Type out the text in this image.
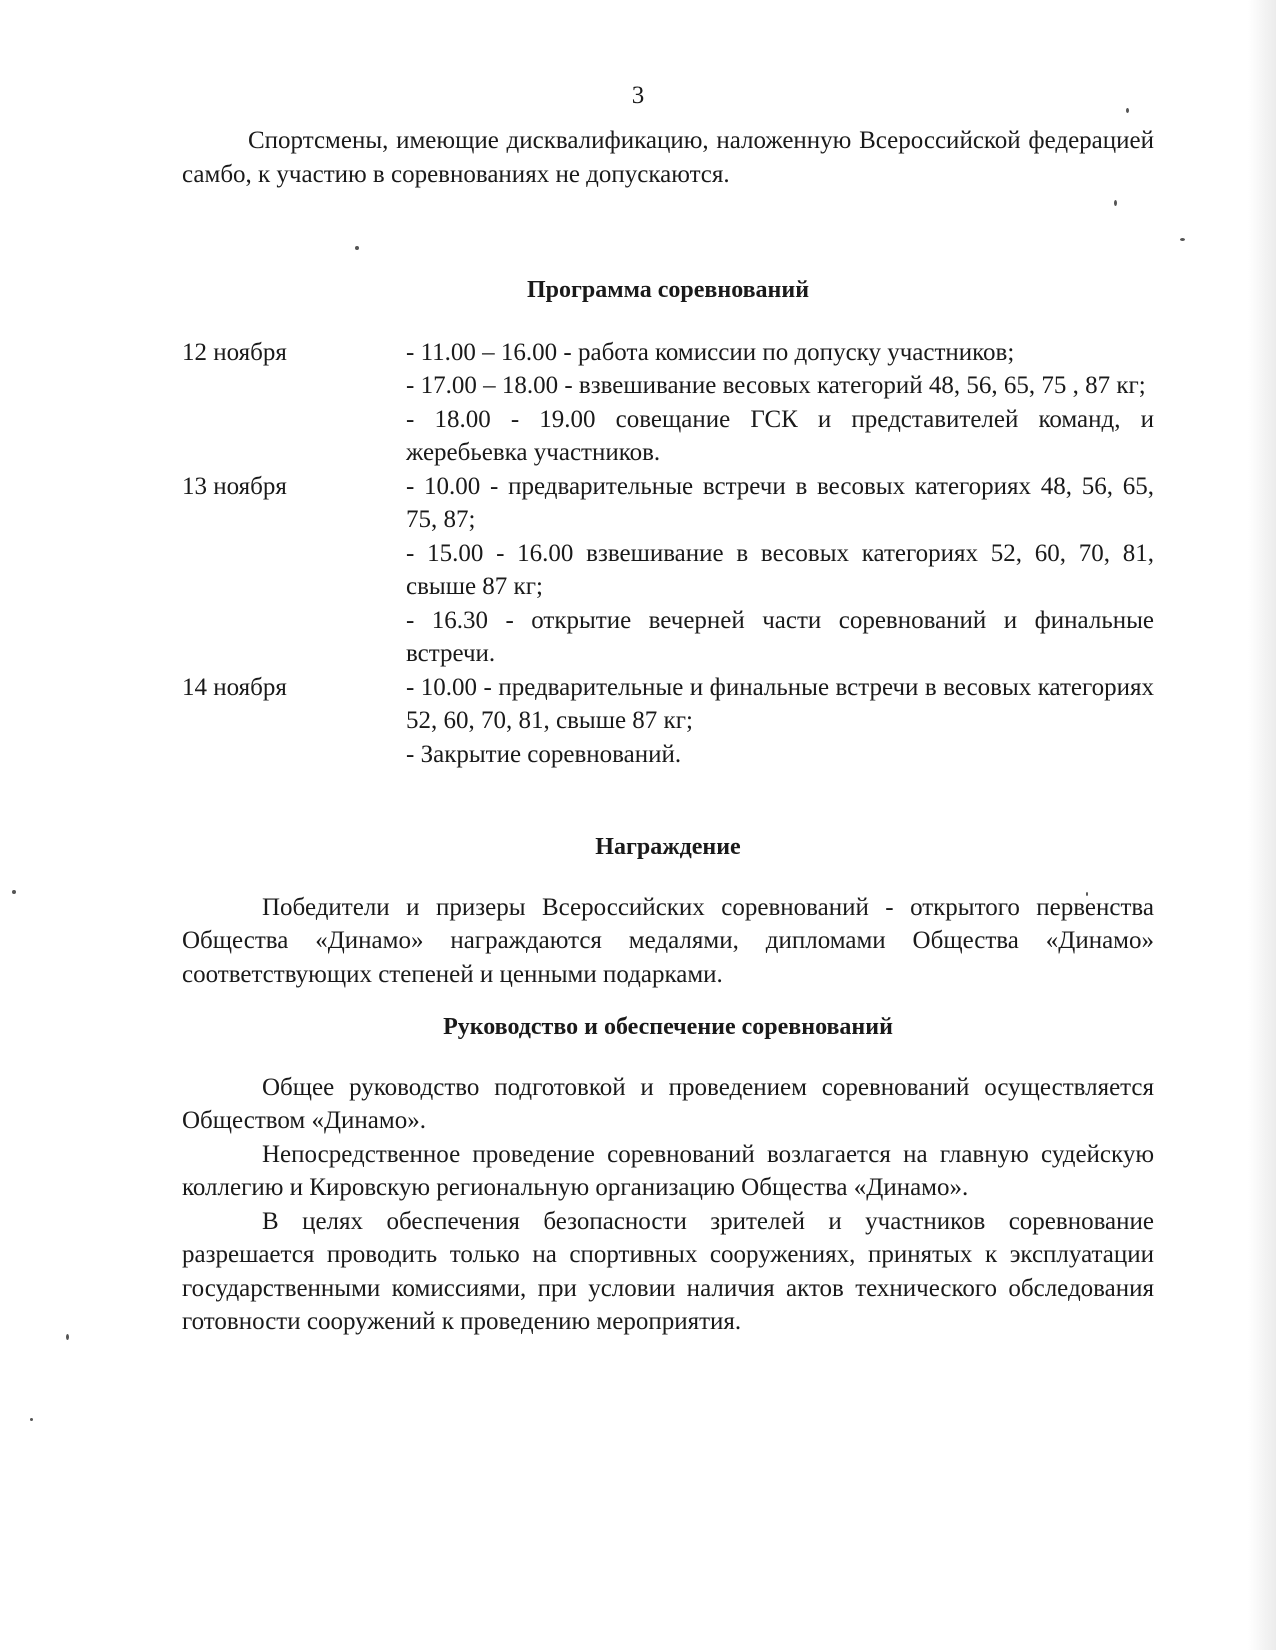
3

Спортсмены, имеющие дисквалификацию, наложенную Всероссийской федерацией самбо, к участию в соревнованиях не допускаются.

Программа соревнований
12 ноября	- 11.00 – 16.00 - работа комиссии по допуску участников;

- 17.00 – 18.00 - взвешивание весовых категорий 48, 56, 65, 75 , 87 кг;

- 18.00 - 19.00 совещание ГСК и представителей команд, и жеребьевка участников.

13 ноября	- 10.00 - предварительные встречи в весовых категориях 48, 56, 65, 75, 87;

- 15.00 - 16.00 взвешивание в весовых категориях 52, 60, 70, 81, свыше 87 кг;

- 16.30 - открытие вечерней части соревнований и финальные встречи.

14 ноября	- 10.00 - предварительные и финальные встречи в весовых категориях 52, 60, 70, 81, свыше 87 кг;

- Закрытие соревнований.

Награждение

Победители и призеры Всероссийских соревнований - открытого первенства Общества «Динамо» награждаются медалями, дипломами Общества «Динамо» соответствующих степеней и ценными подарками.

Руководство и обеспечение соревнований

Общее руководство подготовкой и проведением соревнований осуществляется Обществом «Динамо».

Непосредственное проведение соревнований возлагается на главную судейскую коллегию и Кировскую региональную организацию Общества «Динамо».

В целях обеспечения безопасности зрителей и участников соревнование разрешается проводить только на спортивных сооружениях, принятых к эксплуатации государственными комиссиями, при условии наличия актов технического обследования готовности сооружений к проведению мероприятия.
